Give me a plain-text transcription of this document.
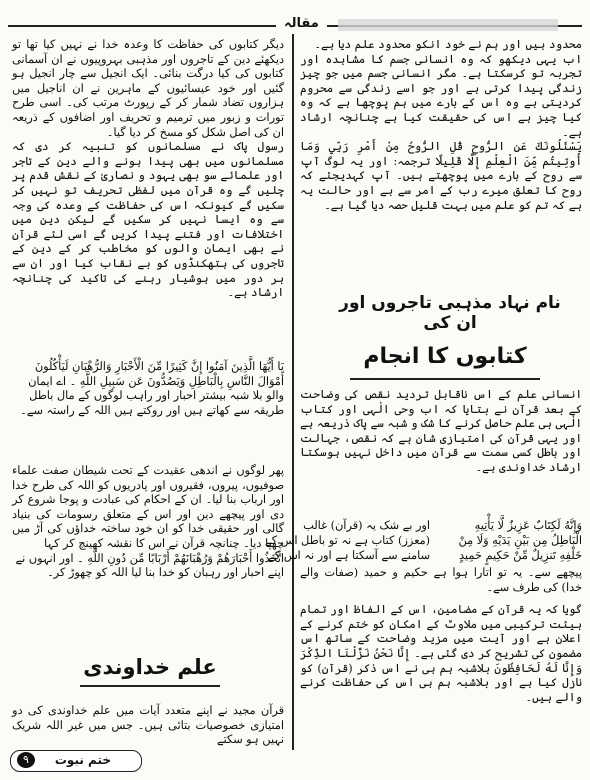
مقالہ

محدود ہیں اور ہم نے خود انکو محدود علم دیا ہے۔

اب یہی دیکھو کہ وہ انسانی جسم کا مشاہدہ اور تجربہ تو کرسکتا ہے۔ مگر انسانی جسم میں جو چیز زندگی پیدا کرتی ہے اور جو اسے زندگی سے محروم کردیتی ہے وہ اس کے بارے میں ہم پوچھا ہے کہ وہ کیا چیز ہے اس کی حقیقت کیا ہے چنانچہ ارشاد ہے۔

يَسْئَلُونَكَ عَنِ الرُّوحِ قُلِ الرُّوحُ مِنْ أَمْرِ رَبِّي وَمَا أُوتِيتُم مِّنَ الْعِلْمِ إِلَّا قَلِيلًا ترجمہ: اور یہ لوگ آپ سے روح کے بارے میں پوچھتے ہیں۔ آپ کہدیجئے کہ روح کا تعلق میرے رب کے امر سے ہے اور حالت یہ ہے کہ تم کو علم میں بہت قلیل حصہ دیا گیا ہے۔

نام نہاد مذہبی تاجروں اور ان کی
کتابوں کا انجام

انسانی علم کے اس ناقابل تردید نقص کی وضاحت کے بعد قرآن نے بتایا کہ اب وحی الٰہی اور کتاب الٰہی ہی علم حاصل کرنے کا شک و شبہ سے پاک ذریعہ ہے اور یہی قرآن کی امتیازی شان ہے کہ نقص، جہالت اور باطل کسی سمت سے قرآن میں داخل نہیں ہوسکتا ارشاد خداوندی ہے۔

وَإِنَّهُ لَكِتَابٌ عَزِيزٌ لَّا يَأْتِيهِ
الْبَاطِلُ مِن بَيْنِ يَدَيْهِ وَلَا مِنْ
خَلْفِهِ تَنزِيلٌ مِّنْ حَكِيمٍ حَمِيدٍ
اور بے شک یہ (قرآن) غالب
(معزز) کتاب ہے نہ تو باطل اس کے
سامنے سے آسکتا ہے اور نہ اس کے

پیچھے سے۔ یہ تو اتارا ہوا ہے حکیم و حمید (صفات والے خدا) کی طرف سے۔

گویا کہ یہ قرآن کے مضامین، اس کے الفاظ اور تمام ہیئت ترکیبی میں ملاوٹ کے امکان کو ختم کرنے کے اعلان ہے اور آیت میں مزید وضاحت کے ساتھ اس مضمون کی تشریح کر دی گئی ہے۔ إِنَّا نَحْنُ نَزَّلْنَا الذِّكْرَ وَإِنَّا لَهُ لَحَافِظُونَ بلاشبہ ہم ہی نے اس ذکر (قرآن) کو نازل کیا ہے اور بلاشبہ ہم ہی اس کی حفاظت کرنے والے ہیں۔

دیگر کتابوں کی حفاظت کا وعدہ خدا نے نہیں کیا تھا تو دیکھئے دین کے تاجروں اور مذہبی بہروپیوں نے ان آسمانی کتابوں کی کیا درگت بنائی۔ ایک انجیل سے چار انجیل ہو گئیں اور خود عیسائیوں کے ماہرین نے ان اناجیل میں ہزاروں تضاد شمار کر کے رپورٹ مرتب کی۔ اسی طرح تورات و زبور میں ترمیم و تحریف اور اضافوں کے ذریعہ ان کی اصل شکل کو مسخ کر دیا گیا۔

رسول پاک نے مسلمانوں کو تنبیہ کر دی کہ مسلمانوں میں بھی پیدا ہونے والے دین کے تاجر اور علمائے سو بھی یہود و نصاریٰ کے نقش قدم پر چلیں گے وہ قرآن میں لفظی تحریف تو نہیں کر سکیں گے کیونکہ اس کی حفاظت کے وعدہ کی وجہ سے وہ ایسا نہیں کر سکیں گے لیکن دین میں اختلافات اور فتنے پیدا کریں گے اسی لئے قرآن نے بھی ایمان والوں کو مخاطب کر کے دین کے تاجروں کی ہتھکنڈوں کو بے نقاب کیا اور ان سے ہر دور میں ہوشیار رہنے کی تاکید کی چنانچہ ارشاد ہے۔

يَا أَيُّهَا الَّذِينَ آمَنُوا إِنَّ كَثِيرًا مِّنَ الْأَحْبَارِ وَالرُّهْبَانِ لَيَأْكُلُونَ أَمْوَالَ النَّاسِ بِالْبَاطِلِ وَيَصُدُّونَ عَن سَبِيلِ اللَّهِ ۔ اے ایمان والو بلا شبہ بیشتر احبار اور راہب لوگوں کے مال باطل طریقہ سے کھاتے ہیں اور روکتے ہیں اللہ کے راستہ سے۔

پھر لوگوں نے اندھی عقیدت کے تحت شیطان صفت علماء صوفیوں، پیروں، فقیروں اور پادریوں کو اللہ کی طرح خدا اور ارباب بنا لیا۔ ان کے احکام کی عبادت و پوجا شروع کر دی اور پیچھے دین اور اس کے متعلق رسومات کی بنیاد گالی اور حقیقی خدا کو ان خود ساختہ خداؤں کی آڑ میں چھپا دیا۔ چنانچہ قرآن نے اس کا نقشہ کھینچ کر کہا

اتَّخَذُوا أَحْبَارَهُمْ وَرُهْبَانَهُمْ أَرْبَابًا مِّن دُونِ اللَّهِ ۔ اور انہوں نے اپنے احبار اور رہبان کو خدا بنا لیا اللہ کو چھوڑ کر۔

علم خداوندی

قرآن مجید نے اپنے متعدد آیات میں علم خداوندی کی دو امتیازی خصوصیات بتائی ہیں۔ جس میں غیر اللہ شریک نہیں ہو سکتے

ختم نبوت
۹
